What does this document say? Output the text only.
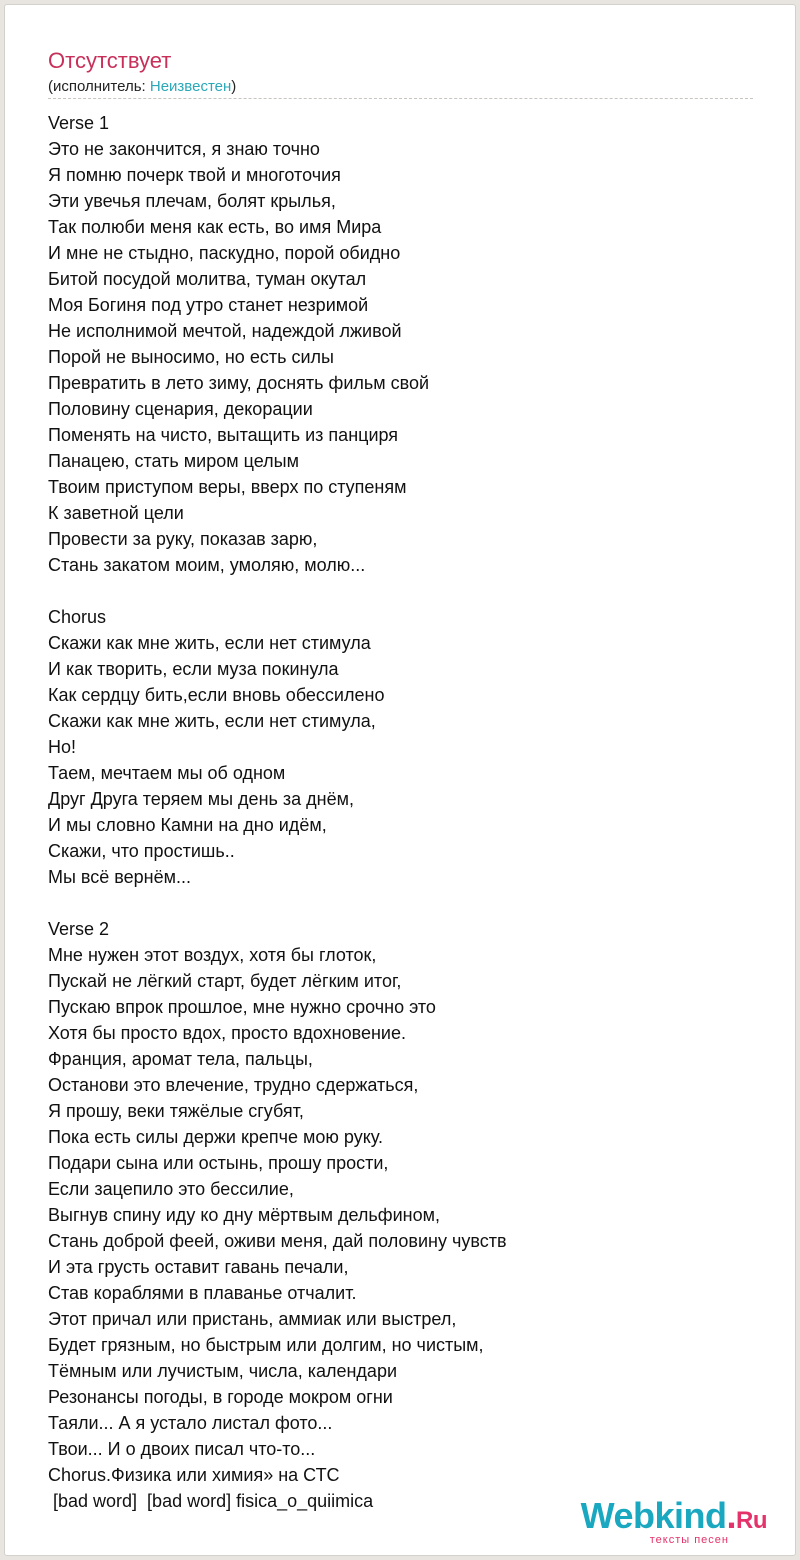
Отсутствует
(исполнитель: Неизвестен)
Verse 1
Это не закончится, я знаю точно
Я помню почерк твой и многоточия
Эти увечья плечам, болят крылья,
Так полюби меня как есть, во имя Мира
И мне не стыдно, паскудно, порой обидно
Битой посудой молитва, туман окутал
Моя Богиня под утро станет незримой
Не исполнимой мечтой, надеждой лживой
Порой не выносимо, но есть силы
Превратить в лето зиму, доснять фильм свой
Половину сценария, декорации
Поменять на чисто, вытащить из панциря
Панацею, стать миром целым
Твоим приступом веры, вверх по ступеням
К заветной цели
Провести за руку, показав зарю,
Стань закатом моим, умоляю, молю...
Chorus
Скажи как мне жить, если нет стимула
И как творить, если муза покинула
Как сердцу бить,если вновь обессилено
Скажи как мне жить, если нет стимула,
Но!
Таем, мечтаем мы об одном
Друг Друга теряем мы день за днём,
И мы словно Камни на дно идём,
Скажи, что простишь..
Мы всё вернём...
Verse 2
Мне нужен этот воздух, хотя бы глоток,
Пускай не лёгкий старт, будет лёгким итог,
Пускаю впрок прошлое, мне нужно срочно это
Хотя бы просто вдох, просто вдохновение.
Франция, аромат тела, пальцы,
Останови это влечение, трудно сдержаться,
Я прошу, веки тяжёлые сгубят,
Пока есть силы держи крепче мою руку.
Подари сына или остынь, прошу прости,
Если зацепило это бессилие,
Выгнув спину иду ко дну мёртвым дельфином,
Стань доброй феей, оживи меня, дай половину чувств
И эта грусть оставит гавань печали,
Став кораблями в плаванье отчалит.
Этот причал или пристань, аммиак или выстрел,
Будет грязным, но быстрым или долгим, но чистым,
Тёмным или лучистым, числа, календари
Резонансы погоды, в городе мокром огни
Таяли... А я устало листал фото...
Твои... И о двоих писал что-то...
Chorus.Физика или химия» на СТС
[bad word]  [bad word] fisica_o_quiimica	Webkind.Ru
тексты песен
